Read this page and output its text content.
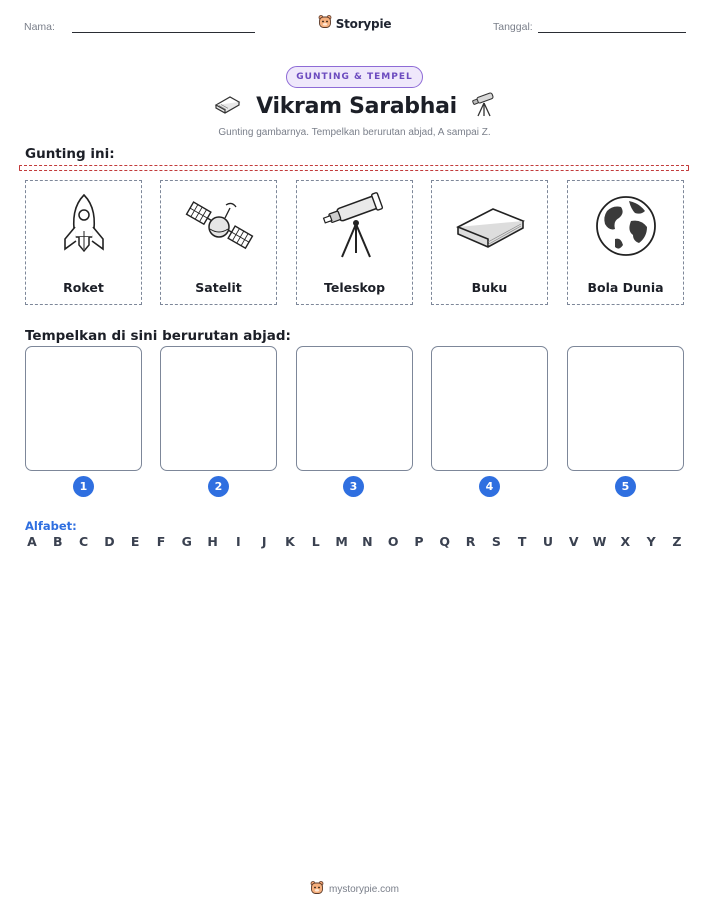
Nama:	Storypie	Tanggal:
GUNTING & TEMPEL
Vikram Sarabhai
Gunting gambarnya. Tempelkan berurutan abjad, A sampai Z.
Gunting ini:
Roket	Satelit	Teleskop	Buku	Bola Dunia
Tempelkan di sini berurutan abjad:
1	2	3	4	5
Alfabet:
A B C D E F G H	I	J	K L M N O P Q R S T U V W X Y Z
mystorypie.com
